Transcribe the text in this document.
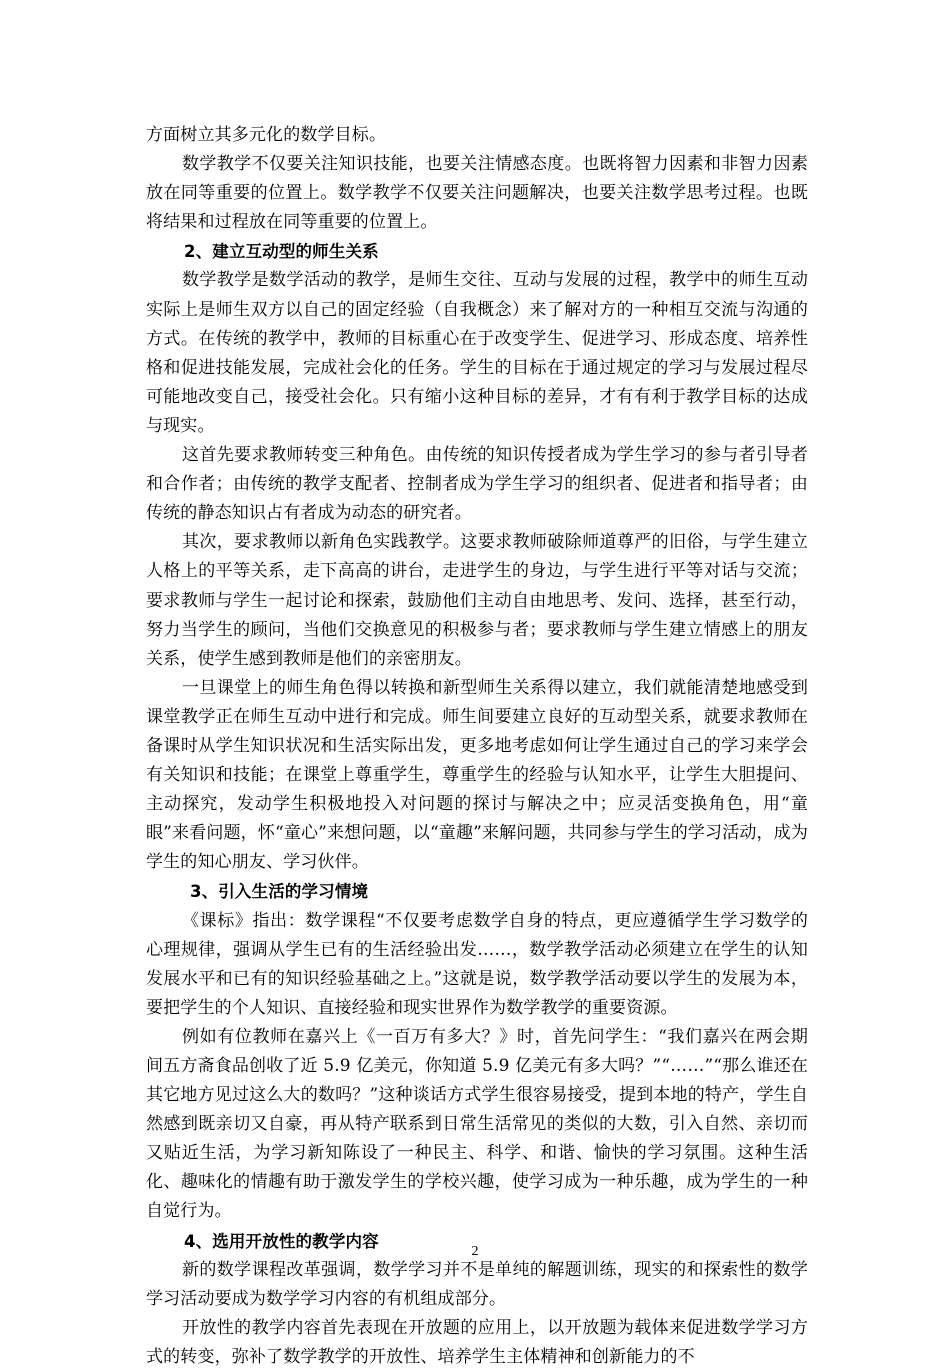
方面树立其多元化的数学目标。

数学教学不仅要关注知识技能，也要关注情感态度。也既将智力因素和非智力因素放在同等重要的位置上。数学教学不仅要关注问题解决，也要关注数学思考过程。也既将结果和过程放在同等重要的位置上。

2、建立互动型的师生关系

数学教学是数学活动的教学，是师生交往、互动与发展的过程，教学中的师生互动实际上是师生双方以自己的固定经验（自我概念）来了解对方的一种相互交流与沟通的方式。在传统的教学中，教师的目标重心在于改变学生、促进学习、形成态度、培养性格和促进技能发展，完成社会化的任务。学生的目标在于通过规定的学习与发展过程尽可能地改变自己，接受社会化。只有缩小这种目标的差异，才有有利于教学目标的达成与现实。

这首先要求教师转变三种角色。由传统的知识传授者成为学生学习的参与者引导者和合作者；由传统的教学支配者、控制者成为学生学习的组织者、促进者和指导者；由传统的静态知识占有者成为动态的研究者。

其次，要求教师以新角色实践教学。这要求教师破除师道尊严的旧俗，与学生建立人格上的平等关系，走下高高的讲台，走进学生的身边，与学生进行平等对话与交流；要求教师与学生一起讨论和探索，鼓励他们主动自由地思考、发问、选择，甚至行动，努力当学生的顾问，当他们交换意见的积极参与者；要求教师与学生建立情感上的朋友关系，使学生感到教师是他们的亲密朋友。

一旦课堂上的师生角色得以转换和新型师生关系得以建立，我们就能清楚地感受到课堂教学正在师生互动中进行和完成。师生间要建立良好的互动型关系，就要求教师在备课时从学生知识状况和生活实际出发，更多地考虑如何让学生通过自己的学习来学会有关知识和技能；在课堂上尊重学生，尊重学生的经验与认知水平，让学生大胆提问、主动探究，发动学生积极地投入对问题的探讨与解决之中；应灵活变换角色，用“童眼”来看问题，怀“童心”来想问题，以“童趣”来解问题，共同参与学生的学习活动，成为学生的知心朋友、学习伙伴。

3、引入生活的学习情境

《课标》指出：数学课程“不仅要考虑数学自身的特点，更应遵循学生学习数学的心理规律，强调从学生已有的生活经验出发……，数学教学活动必须建立在学生的认知发展水平和已有的知识经验基础之上。”这就是说，数学教学活动要以学生的发展为本，要把学生的个人知识、直接经验和现实世界作为数学教学的重要资源。

例如有位教师在嘉兴上《一百万有多大？》时，首先问学生：“我们嘉兴在两会期间五方斋食品创收了近 5.9 亿美元，你知道 5.9 亿美元有多大吗？”“……”“那么谁还在其它地方见过这么大的数吗？”这种谈话方式学生很容易接受，提到本地的特产，学生自然感到既亲切又自豪，再从特产联系到日常生活常见的类似的大数，引入自然、亲切而又贴近生活，为学习新知陈设了一种民主、科学、和谐、愉快的学习氛围。这种生活化、趣味化的情趣有助于激发学生的学校兴趣，使学习成为一种乐趣，成为学生的一种自觉行为。

4、选用开放性的教学内容

新的数学课程改革强调，数学学习并不是单纯的解题训练，现实的和探索性的数学学习活动要成为数学学习内容的有机组成部分。

开放性的教学内容首先表现在开放题的应用上，以开放题为载体来促进数学学习方式的转变，弥补了数学教学的开放性、培养学生主体精神和创新能力的不

2
